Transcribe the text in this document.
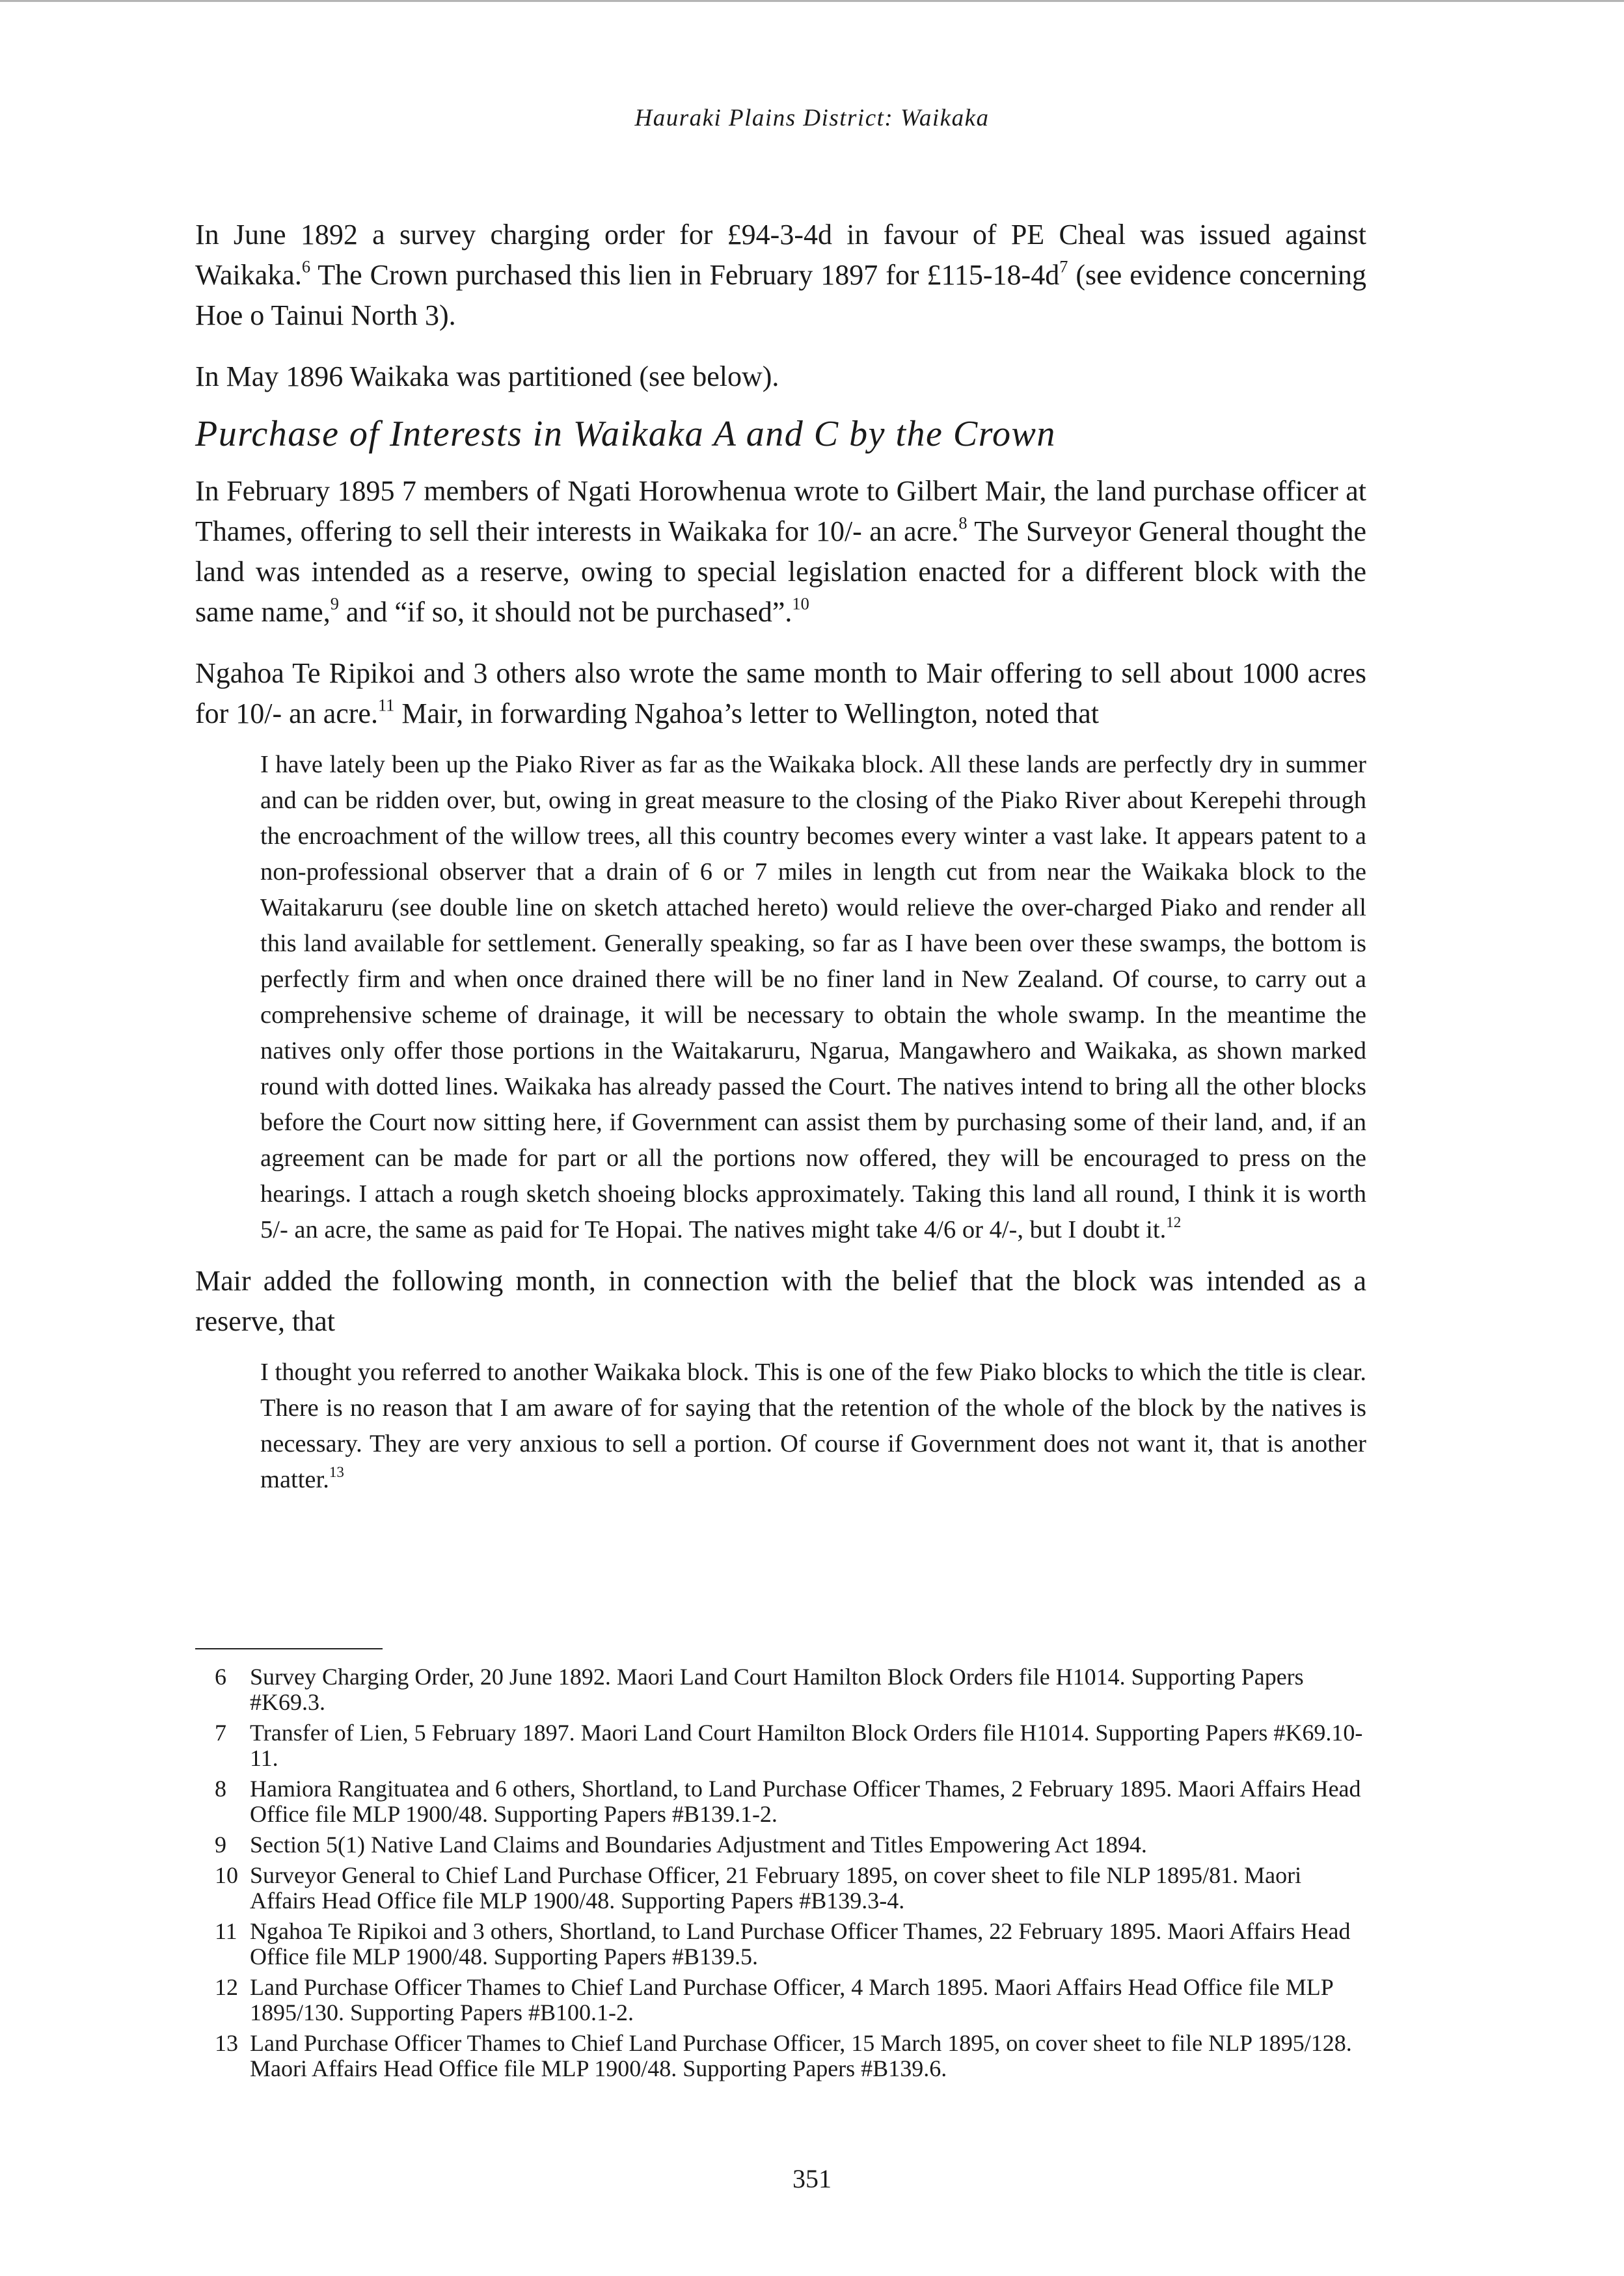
Hauraki Plains District: Waikaka

In June 1892 a survey charging order for £94-3-4d in favour of PE Cheal was issued against Waikaka.$^6$ The Crown purchased this lien in February 1897 for $£115-18-4d^7$ (see evidence concerning Hoe o Tainui North 3).

In May 1896 Waikaka was partitioned (see below).

Purchase of Interests in Waikaka A and C by the Crown

In February 1895 7 members of Ngati Horowhenua wrote to Gilbert Mair, the land purchase officer at Thames, offering to sell their interests in Waikaka for 10/- an acre.$^8$ The Surveyor General thought the land was intended as a reserve, owing to special legislation enacted for a different block with the same name,$^9$ and “if so, it should not be purchased”.$^{10}$

Ngahoa Te Ripikoi and 3 others also wrote the same month to Mair offering to sell about 1000 acres for 10/- an acre.$^{11}$ Mair, in forwarding Ngahoa’s letter to Wellington, noted that

I have lately been up the Piako River as far as the Waikaka block. All these lands are perfectly dry in summer and can be ridden over, but, owing in great measure to the closing of the Piako River about Kerepehi through the encroachment of the willow trees, all this country becomes every winter a vast lake. It appears patent to a non-professional observer that a drain of 6 or 7 miles in length cut from near the Waikaka block to the Waitakaruru (see double line on sketch attached hereto) would relieve the over-charged Piako and render all this land available for settlement. Generally speaking, so far as I have been over these swamps, the bottom is perfectly firm and when once drained there will be no finer land in New Zealand. Of course, to carry out a comprehensive scheme of drainage, it will be necessary to obtain the whole swamp. In the meantime the natives only offer those portions in the Waitakaruru, Ngarua, Mangawhero and Waikaka, as shown marked round with dotted lines. Waikaka has already passed the Court. The natives intend to bring all the other blocks before the Court now sitting here, if Government can assist them by purchasing some of their land, and, if an agreement can be made for part or all the portions now offered, they will be encouraged to press on the hearings. I attach a rough sketch shoeing blocks approximately. Taking this land all round, I think it is worth 5/- an acre, the same as paid for Te Hopai. The natives might take 4/6 or 4/-, but I doubt it.$^{12}$

Mair added the following month, in connection with the belief that the block was intended as a reserve, that

I thought you referred to another Waikaka block. This is one of the few Piako blocks to which the title is clear. There is no reason that I am aware of for saying that the retention of the whole of the block by the natives is necessary. They are very anxious to sell a portion. Of course if Government does not want it, that is another matter.$^{13}$
6	Survey Charging Order, 20 June 1892. Maori Land Court Hamilton Block Orders file H1014. Supporting Papers #K69.3.
7	Transfer of Lien, 5 February 1897. Maori Land Court Hamilton Block Orders file H1014. Supporting Papers #K69.10-11.
8	Hamiora Rangituatea and 6 others, Shortland, to Land Purchase Officer Thames, 2 February 1895. Maori Affairs Head Office file MLP 1900/48. Supporting Papers #B139.1-2.
9	Section 5(1) Native Land Claims and Boundaries Adjustment and Titles Empowering Act 1894.
10 Surveyor General to Chief Land Purchase Officer, 21 February 1895, on cover sheet to file NLP 1895/81. Maori Affairs Head Office file MLP 1900/48. Supporting Papers #B139.3-4.
11 Ngahoa Te Ripikoi and 3 others, Shortland, to Land Purchase Officer Thames, 22 February 1895. Maori Affairs Head Office file MLP 1900/48. Supporting Papers #B139.5.
12 Land Purchase Officer Thames to Chief Land Purchase Officer, 4 March 1895. Maori Affairs Head Office file MLP 1895/130. Supporting Papers #B100.1-2.
13 Land Purchase Officer Thames to Chief Land Purchase Officer, 15 March 1895, on cover sheet to file NLP 1895/128. Maori Affairs Head Office file MLP 1900/48. Supporting Papers #B139.6.
351
